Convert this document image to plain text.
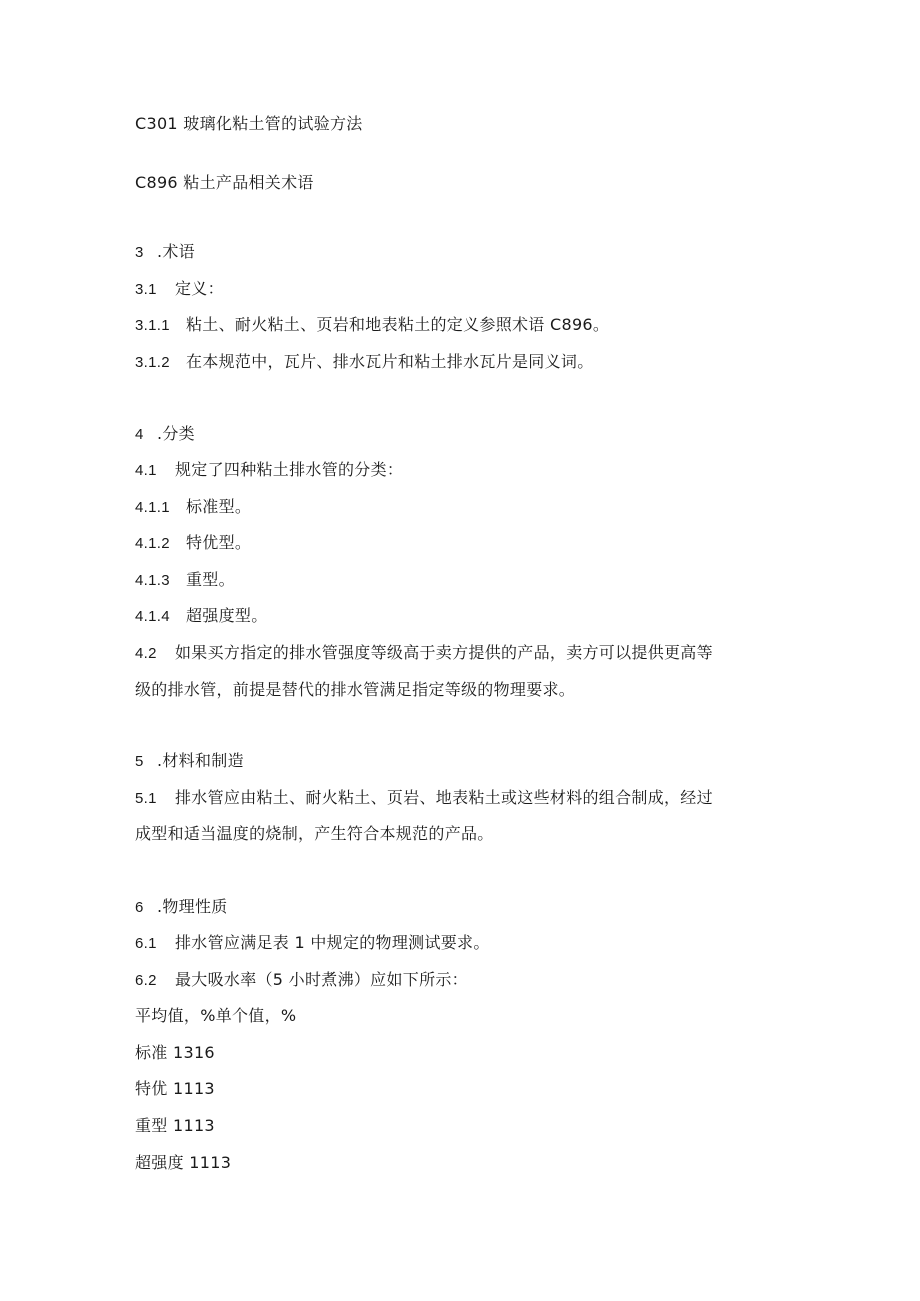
C301 玻璃化粘土管的试验方法
C896 粘土产品相关术语
3 .术语
3.1 定义：
3.1.1 粘土、耐火粘土、页岩和地表粘土的定义参照术语 C896。
3.1.2 在本规范中，瓦片、排水瓦片和粘土排水瓦片是同义词。
4 .分类
4.1 规定了四种粘土排水管的分类：
4.1.1 标准型。
4.1.2 特优型。
4.1.3 重型。
4.1.4 超强度型。
4.2 如果买方指定的排水管强度等级高于卖方提供的产品，卖方可以提供更高等
级的排水管，前提是替代的排水管满足指定等级的物理要求。
5 .材料和制造
5.1 排水管应由粘土、耐火粘土、页岩、地表粘土或这些材料的组合制成，经过
成型和适当温度的烧制，产生符合本规范的产品。
6 .物理性质
6.1 排水管应满足表 1 中规定的物理测试要求。
6.2 最大吸水率（5 小时煮沸）应如下所示：
平均值，%单个值，%
标准 1316
特优 1113
重型 1113
超强度 1113
